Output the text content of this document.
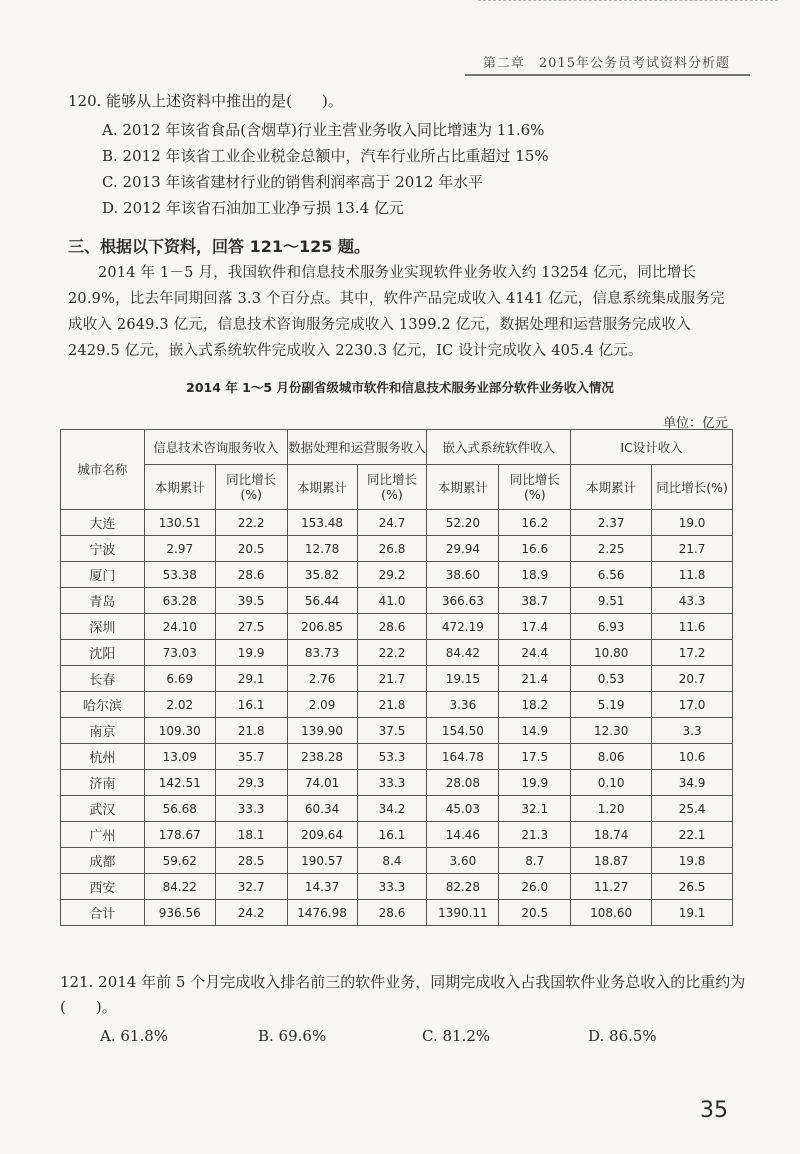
第二章　2015年公务员考试资料分析题
120. 能够从上述资料中推出的是(　　)。
A. 2012 年该省食品(含烟草)行业主营业务收入同比增速为 11.6%
B. 2012 年该省工业企业税金总额中，汽车行业所占比重超过 15%
C. 2013 年该省建材行业的销售利润率高于 2012 年水平
D. 2012 年该省石油加工业净亏损 13.4 亿元
三、根据以下资料，回答 121～125 题。
2014 年 1－5 月，我国软件和信息技术服务业实现软件业务收入约 13254 亿元，同比增长 20.9%，比去年同期回落 3.3 个百分点。其中，软件产品完成收入 4141 亿元，信息系统集成服务完成收入 2649.3 亿元，信息技术咨询服务完成收入 1399.2 亿元，数据处理和运营服务完成收入 2429.5 亿元，嵌入式系统软件完成收入 2230.3 亿元，IC 设计完成收入 405.4 亿元。
2014 年 1～5 月份副省级城市软件和信息技术服务业部分软件业务收入情况
单位：亿元
城市名称	信息技术咨询服务收入		数据处理和运营服务收入		嵌入式系统软件收入		IC设计收入	
	本期累计	同比增长(%)	本期累计	同比增长(%)	本期累计	同比增长(%)	本期累计	同比增长(%)
大连	130.51	22.2	153.48	24.7	52.20	16.2	2.37	19.0
宁波	2.97	20.5	12.78	26.8	29.94	16.6	2.25	21.7
厦门	53.38	28.6	35.82	29.2	38.60	18.9	6.56	11.8
青岛	63.28	39.5	56.44	41.0	366.63	38.7	9.51	43.3
深圳	24.10	27.5	206.85	28.6	472.19	17.4	6.93	11.6
沈阳	73.03	19.9	83.73	22.2	84.42	24.4	10.80	17.2
长春	6.69	29.1	2.76	21.7	19.15	21.4	0.53	20.7
哈尔滨	2.02	16.1	2.09	21.8	3.36	18.2	5.19	17.0
南京	109.30	21.8	139.90	37.5	154.50	14.9	12.30	3.3
杭州	13.09	35.7	238.28	53.3	164.78	17.5	8.06	10.6
济南	142.51	29.3	74.01	33.3	28.08	19.9	0.10	34.9
武汉	56.68	33.3	60.34	34.2	45.03	32.1	1.20	25.4
广州	178.67	18.1	209.64	16.1	14.46	21.3	18.74	22.1
成都	59.62	28.5	190.57	8.4	3.60	8.7	18.87	19.8
西安	84.22	32.7	14.37	33.3	82.28	26.0	11.27	26.5
合计	936.56	24.2	1476.98	28.6	1390.11	20.5	108.60	19.1
121. 2014 年前 5 个月完成收入排名前三的软件业务，同期完成收入占我国软件业务总收入的比重约为(　　)。
A. 61.8%	B. 69.6%	C. 81.2%	D. 86.5%
35
